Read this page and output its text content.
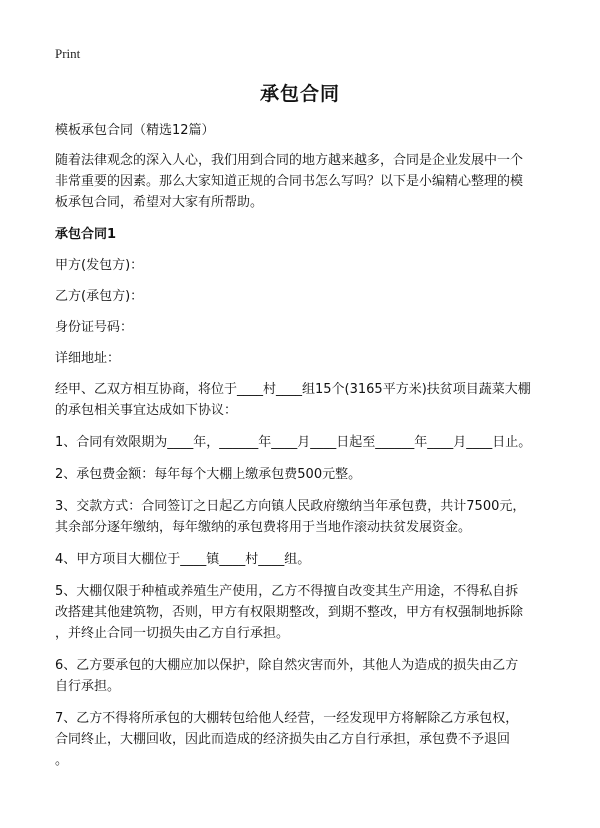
Print
承包合同
模板承包合同（精选12篇）
随着法律观念的深入人心，我们用到合同的地方越来越多，合同是企业发展中一个
非常重要的因素。那么大家知道正规的合同书怎么写吗？以下是小编精心整理的模
板承包合同，希望对大家有所帮助。
承包合同1
甲方(发包方)：
乙方(承包方)：
身份证号码：
详细地址：
经甲、乙双方相互协商，将位于____村____组15个(3165平方米)扶贫项目蔬菜大棚
的承包相关事宜达成如下协议：
1、合同有效限期为____年，______年____月____日起至______年____月____日止。
2、承包费金额：每年每个大棚上缴承包费500元整。
3、交款方式：合同签订之日起乙方向镇人民政府缴纳当年承包费，共计7500元，
其余部分逐年缴纳，每年缴纳的承包费将用于当地作滚动扶贫发展资金。
4、甲方项目大棚位于____镇____村____组。
5、大棚仅限于种植或养殖生产使用，乙方不得擅自改变其生产用途，不得私自拆
改搭建其他建筑物，否则，甲方有权限期整改，到期不整改，甲方有权强制地拆除
，并终止合同一切损失由乙方自行承担。
6、乙方要承包的大棚应加以保护，除自然灾害而外，其他人为造成的损失由乙方
自行承担。
7、乙方不得将所承包的大棚转包给他人经营，一经发现甲方将解除乙方承包权，
合同终止，大棚回收，因此而造成的经济损失由乙方自行承担，承包费不予退回
。
